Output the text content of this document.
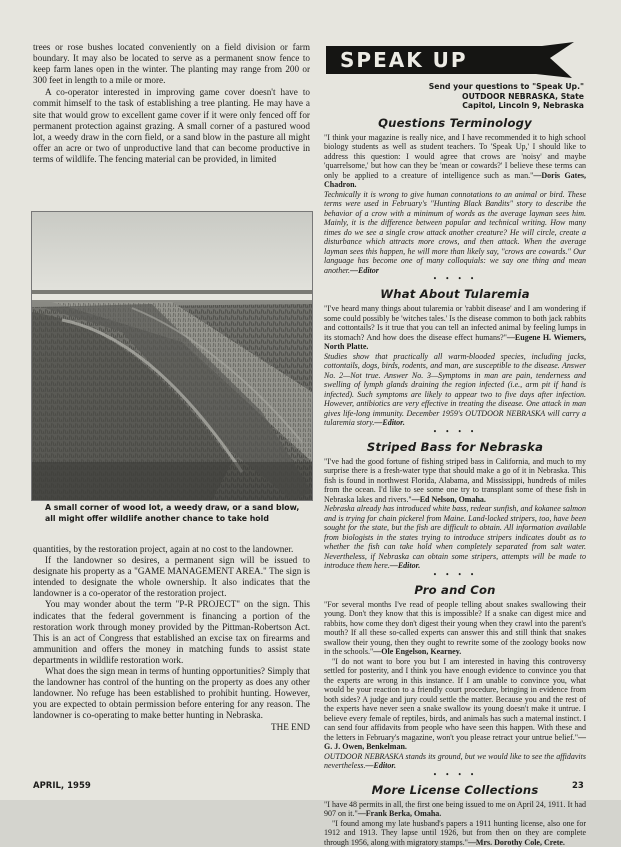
trees or rose bushes located conveniently on a field division or farm boundary. It may also be located to serve as a permanent snow fence to keep farm lanes open in the winter. The planting may range from 200 or 300 feet in length to a mile or more.

A co-operator interested in improving game cover doesn't have to commit himself to the task of establishing a tree planting. He may have a site that would grow to excellent game cover if it were only fenced off for permanent protection against grazing. A small corner of a pastured wood lot, a weedy draw in the corn field, or a sand blow in the pasture all might offer an acre or two of unproductive land that can become productive in terms of wildlife. The fencing material can be provided, in limited

A small corner of wood lot, a weedy draw, or a sand blow, all might offer wildlife another chance to take hold

quantities, by the restoration project, again at no cost to the landowner.

If the landowner so desires, a permanent sign will be issued to designate his property as a "GAME MANAGEMENT AREA." The sign is intended to designate the whole ownership. It also indicates that the landowner is a co-operator of the restoration project.

You may wonder about the term "P-R PROJECT" on the sign. This indicates that the federal government is financing a portion of the restoration work through money provided by the Pittman-Robertson Act. This is an act of Congress that established an excise tax on firearms and ammunition and offers the money in matching funds to assist state departments in wildlife restoration work.

What does the sign mean in terms of hunting opportunities? Simply that the landowner has control of the hunting on the property as does any other landowner. No refuge has been established to prohibit hunting. However, you are expected to obtain permission before entering for any reason. The landowner is co-operating to make better hunting in Nebraska.

THE END

SPEAK UP
Send your questions to "Speak Up."
OUTDOOR NEBRASKA, State
Capitol, Lincoln 9, Nebraska
Questions Terminology

"I think your magazine is really nice, and I have recommended it to high school biology students as well as student teachers. To 'Speak Up,' I should like to address this question: I would agree that crows are 'noisy' and maybe 'quarrelsome,' but how can they be 'mean or cowards?' I believe these terms can only be applied to a creature of intelligence such as man."—Doris Gates, Chadron.

Technically it is wrong to give human connotations to an animal or bird. These terms were used in February's "Hunting Black Bandits" story to describe the behavior of a crow with a minimum of words as the average layman sees him. Mainly, it is the difference between popular and technical writing. How many times do we see a single crow attack another creature? He will circle, create a disturbance which attracts more crows, and then attack. When the average layman sees this happen, he will more than likely say, "crows are cowards." Our language has become one of many colloquials: we say one thing and mean another.—Editor

• • • •
What About Tularemia

"I've heard many things about tularemia or 'rabbit disease' and I am wondering if some could possibly be 'witches tales.' Is the disease common to both jack rabbits and cottontails? Is it true that you can tell an infected animal by feeling lumps in its stomach? And how does the disease effect humans?"—Eugene H. Wiemers, North Platte.

Studies show that practically all warm-blooded species, including jacks, cottontails, dogs, birds, rodents, and man, are susceptible to the disease. Answer No. 2—Not true. Answer No. 3—Symptoms in man are pain, tenderness and swelling of lymph glands draining the region infected (i.e., arm pit if hand is infected). Such symptoms are likely to appear two to five days after infection. However, antibiotics are very effective in treating the disease. One attack in man gives life-long immunity. December 1959's OUTDOOR NEBRASKA will carry a tularemia story.—Editor.

• • • •
Striped Bass for Nebraska

"I've had the good fortune of fishing striped bass in California, and much to my surprise there is a fresh-water type that should make a go of it in Nebraska. This fish is found in northwest Florida, Alabama, and Mississippi, hundreds of miles from the ocean. I'd like to see some one try to transplant some of these fish in Nebraska lakes and rivers."—Ed Nelson, Omaha.

Nebraska already has introduced white bass, redear sunfish, and kokanee salmon and is trying for chain pickerel from Maine. Land-locked stripers, too, have been sought for the state, but the fish are difficult to obtain. All information available from biologists in the states trying to introduce stripers indicates doubt as to whether the fish can take hold when completely separated from salt water. Nevertheless, if Nebraska can obtain some stripers, attempts will be made to introduce them here.—Editor.

• • • •
Pro and Con

"For several months I've read of people telling about snakes swallowing their young. Don't they know that this is impossible? If a snake can digest mice and rabbits, how come they don't digest their young when they crawl into the parent's mouth? If all these so-called experts can answer this and still think that snakes swallow their young, then they ought to rewrite some of the zoology books now in the schools."—Ole Engelson, Kearney.

"I do not want to bore you but I am interested in having this controversy settled for posterity, and I think you have enough evidence to convince you that the experts are wrong in this instance. If I am unable to convince you, what would be your reaction to a friendly court procedure, bringing in evidence from both sides? A judge and jury could settle the matter. Because you and the rest of the experts have never seen a snake swallow its young doesn't make it untrue. I believe every female of reptiles, birds, and animals has such a maternal instinct. I can send four affidavits from people who have seen this happen. With these and the letters in February's magazine, won't you please retract your untrue belief."—G. J. Owen, Benkelman.

OUTDOOR NEBRASKA stands its ground, but we would like to see the affidavits nevertheless.—Editor.

• • • •
More License Collections

"I have 48 permits in all, the first one being issued to me on April 24, 1911. It had 907 on it."—Frank Berka, Omaha.

"I found among my late husband's papers a 1911 hunting license, also one for 1912 and 1913. They lapse until 1926, but from then on they are complete through 1956, along with migratory stamps."—Mrs. Dorothy Cole, Crete.

APRIL, 1959	23
